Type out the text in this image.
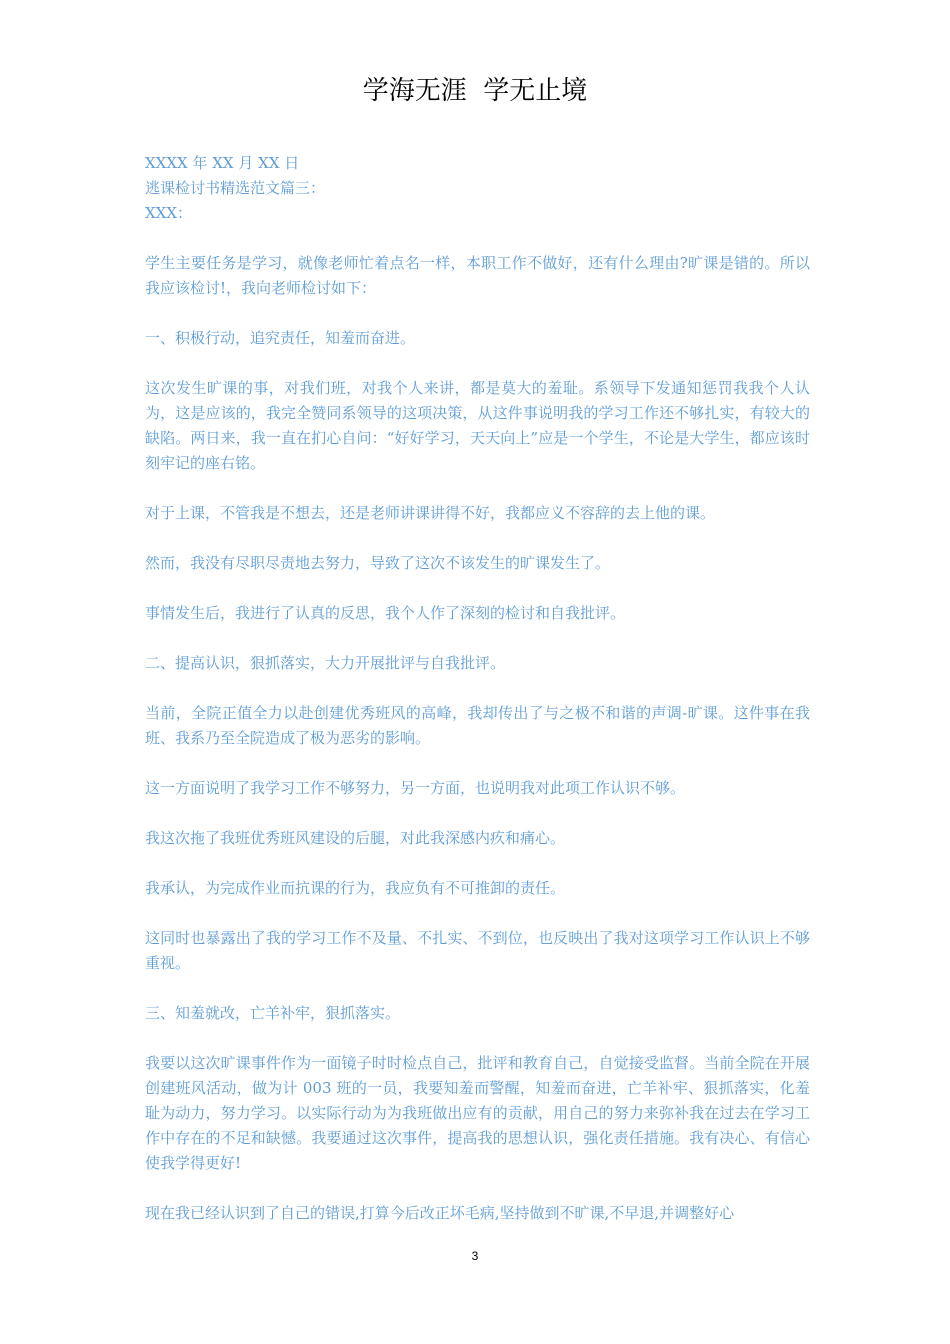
学海无涯  学无止境

XXXX 年 XX 月 XX 日

逃课检讨书精选范文篇三：

XXX：

学生主要任务是学习，就像老师忙着点名一样，本职工作不做好，还有什么理由?旷课是错的。所以我应该检讨!，我向老师检讨如下：

一、积极行动，追究责任，知羞而奋进。

这次发生旷课的事，对我们班，对我个人来讲，都是莫大的羞耻。系领导下发通知惩罚我我个人认为，这是应该的，我完全赞同系领导的这项决策，从这件事说明我的学习工作还不够扎实，有较大的缺陷。两日来，我一直在扪心自问：“好好学习，天天向上”应是一个学生，不论是大学生，都应该时刻牢记的座右铭。

对于上课，不管我是不想去，还是老师讲课讲得不好，我都应义不容辞的去上他的课。

然而，我没有尽职尽责地去努力，导致了这次不该发生的旷课发生了。

事情发生后，我进行了认真的反思，我个人作了深刻的检讨和自我批评。

二、提高认识，狠抓落实，大力开展批评与自我批评。

当前，全院正值全力以赴创建优秀班风的高峰，我却传出了与之极不和谐的声调-旷课。这件事在我班、我系乃至全院造成了极为恶劣的影响。

这一方面说明了我学习工作不够努力，另一方面，也说明我对此项工作认识不够。

我这次拖了我班优秀班风建设的后腿，对此我深感内疚和痛心。

我承认，为完成作业而抗课的行为，我应负有不可推卸的责任。

这同时也暴露出了我的学习工作不及量、不扎实、不到位，也反映出了我对这项学习工作认识上不够重视。

三、知羞就改，亡羊补牢，狠抓落实。

我要以这次旷课事件作为一面镜子时时检点自己，批评和教育自己，自觉接受监督。当前全院在开展创建班风活动，做为计 003 班的一员，我要知羞而警醒，知羞而奋进，亡羊补牢、狠抓落实，化羞耻为动力，努力学习。以实际行动为为我班做出应有的贡献，用自己的努力来弥补我在过去在学习工作中存在的不足和缺憾。我要通过这次事件，提高我的思想认识，强化责任措施。我有决心、有信心使我学得更好!

现在我已经认识到了自己的错误,打算今后改正坏毛病,坚持做到不旷课,不早退,并调整好心

3
